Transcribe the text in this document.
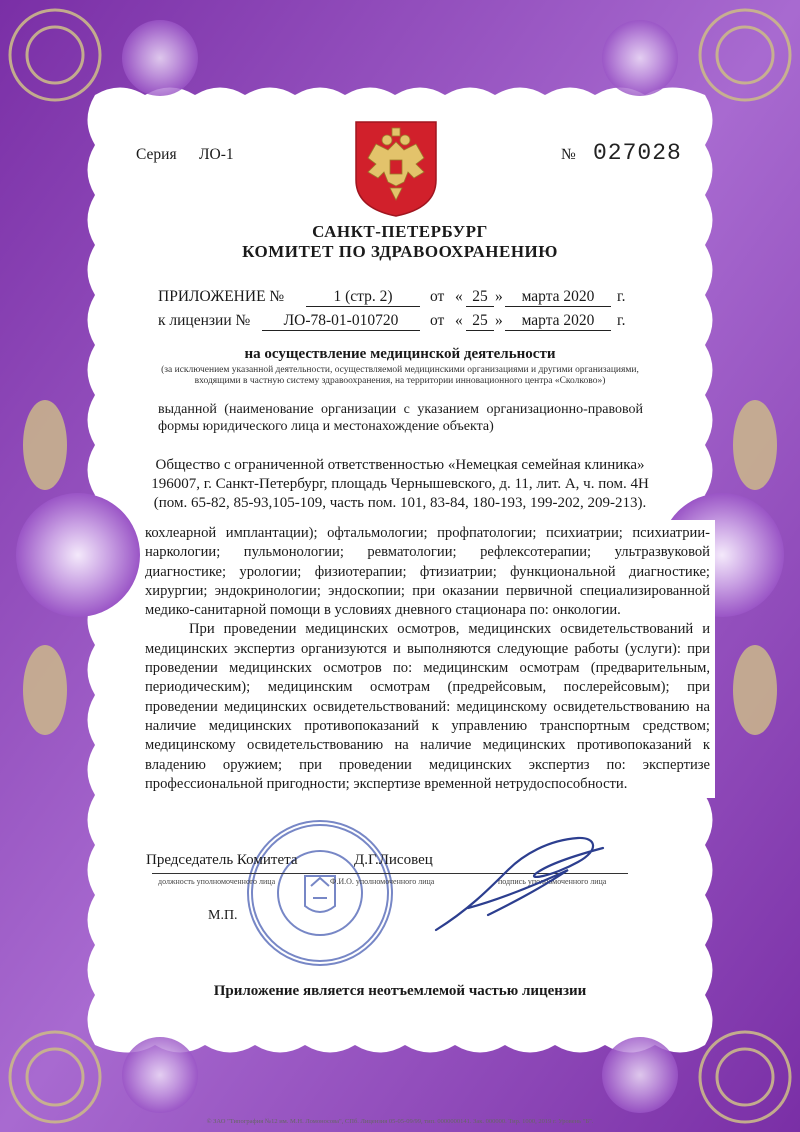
Серия ЛО-1	№ 027028
САНКТ-ПЕТЕРБУРГ
КОМИТЕТ ПО ЗДРАВООХРАНЕНИЮ
ПРИЛОЖЕНИЕ №	1 (стр. 2)	от « 25 »	марта 2020	г.
к лицензии №	ЛО-78-01-010720	от « 25 »	марта 2020	г.
на осуществление медицинской деятельности
(за исключением указанной деятельности, осуществляемой медицинскими организациями и другими организациями, входящими в частную систему здравоохранения, на территории инновационного центра «Сколково»)
выданной (наименование организации с указанием организационно-правовой формы юридического лица и местонахождение объекта)
Общество с ограниченной ответственностью «Немецкая семейная клиника»
196007, г. Санкт-Петербург, площадь Чернышевского, д. 11, лит. А, ч. пом. 4Н
(пом. 65-82, 85-93,105-109, часть пом. 101, 83-84, 180-193, 199-202, 209-213).

кохлеарной имплантации); офтальмологии; профпатологии; психиатрии; психиатрии-наркологии; пульмонологии; ревматологии; рефлексотерапии; ультразвуковой диагностике; урологии; физиотерапии; фтизиатрии; функциональной диагностике; хирургии; эндокринологии; эндоскопии; при оказании первичной специализированной медико-санитарной помощи в условиях дневного стационара по: онкологии.

При проведении медицинских осмотров, медицинских освидетельствований и медицинских экспертиз организуются и выполняются следующие работы (услуги): при проведении медицинских осмотров по: медицинским осмотрам (предварительным, периодическим); медицинским осмотрам (предрейсовым, послерейсовым); при проведении медицинских освидетельствований: медицинскому освидетельствованию на наличие медицинских противопоказаний к управлению транспортным средством; медицинскому освидетельствованию на наличие медицинских противопоказаний к владению оружием; при проведении медицинских экспертиз по: экспертизе профессиональной пригодности; экспертизе временной нетрудоспособности.

Председатель Комитета	Д.Г.Лисовец
должность уполномоченного лица	Ф.И.О. уполномоченного лица	подпись уполномоченного лица
М.П.
Приложение является неотъемлемой частью лицензии
© ЗАО "Типография №12 им. М.Н. Ломоносова", СПб. Лицензия 05-05-09/99, тип. 0000000141. Зак. 000000. Тир. 1000, 2019 г. Уровень "Б".
